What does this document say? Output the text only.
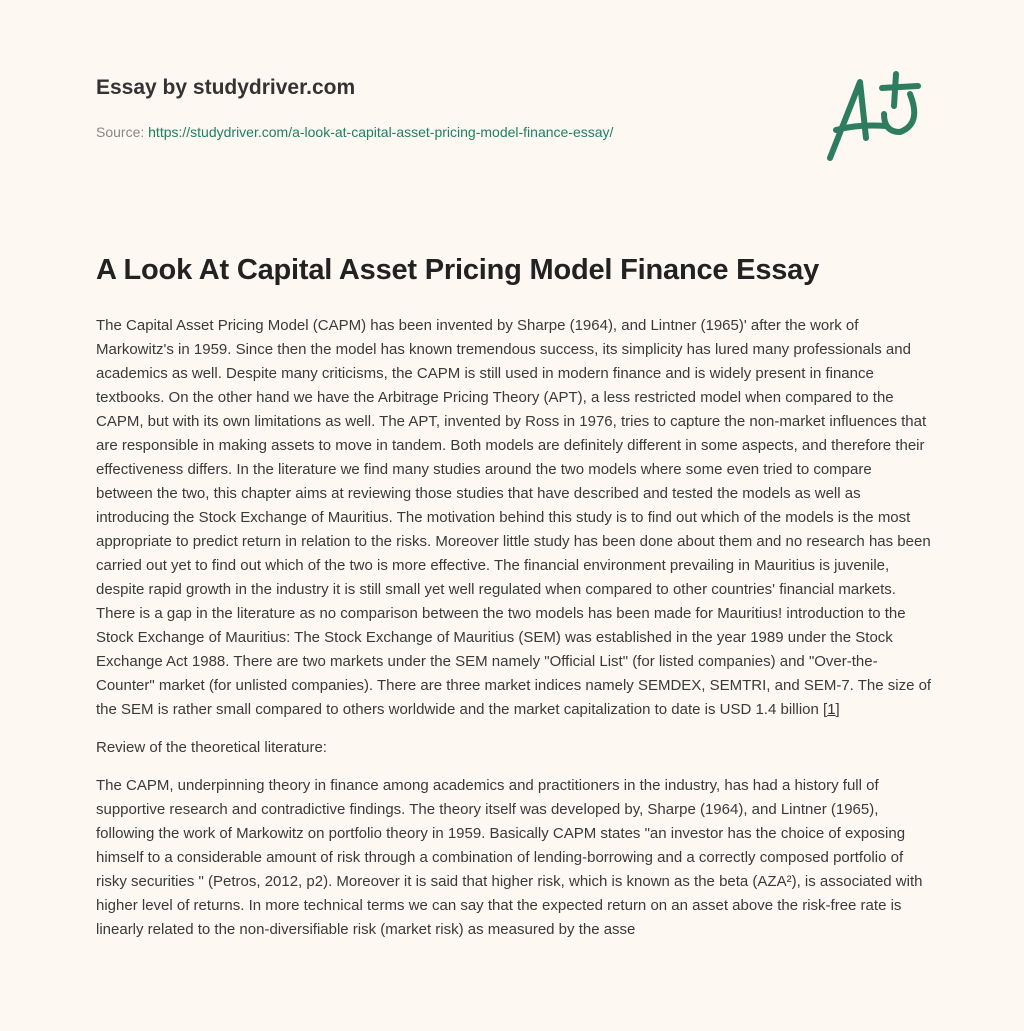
Essay by studydriver.com
Source: https://studydriver.com/a-look-at-capital-asset-pricing-model-finance-essay/
A Look At Capital Asset Pricing Model Finance Essay

The Capital Asset Pricing Model (CAPM) has been invented by Sharpe (1964), and Lintner (1965)' after the work of Markowitz's in 1959. Since then the model has known tremendous success, its simplicity has lured many professionals and academics as well. Despite many criticisms, the CAPM is still used in modern finance and is widely present in finance textbooks. On the other hand we have the Arbitrage Pricing Theory (APT), a less restricted model when compared to the CAPM, but with its own limitations as well. The APT, invented by Ross in 1976, tries to capture the non-market influences that are responsible in making assets to move in tandem. Both models are definitely different in some aspects, and therefore their effectiveness differs. In the literature we find many studies around the two models where some even tried to compare between the two, this chapter aims at reviewing those studies that have described and tested the models as well as introducing the Stock Exchange of Mauritius. The motivation behind this study is to find out which of the models is the most appropriate to predict return in relation to the risks. Moreover little study has been done about them and no research has been carried out yet to find out which of the two is more effective. The financial environment prevailing in Mauritius is juvenile, despite rapid growth in the industry it is still small yet well regulated when compared to other countries' financial markets. There is a gap in the literature as no comparison between the two models has been made for Mauritius! introduction to the Stock Exchange of Mauritius: The Stock Exchange of Mauritius (SEM) was established in the year 1989 under the Stock Exchange Act 1988. There are two markets under the SEM namely "Official List" (for listed companies) and "Over-the-Counter" market (for unlisted companies). There are three market indices namely SEMDEX, SEMTRI, and SEM-7. The size of the SEM is rather small compared to others worldwide and the market capitalization to date is USD 1.4 billion [1]

Review of the theoretical literature:

The CAPM, underpinning theory in finance among academics and practitioners in the industry, has had a history full of supportive research and contradictive findings. The theory itself was developed by, Sharpe (1964), and Lintner (1965), following the work of Markowitz on portfolio theory in 1959. Basically CAPM states "an investor has the choice of exposing himself to a considerable amount of risk through a combination of lending-borrowing and a correctly composed portfolio of risky securities " (Petros, 2012, p2). Moreover it is said that higher risk, which is known as the beta (AZA²), is associated with higher level of returns. In more technical terms we can say that the expected return on an asset above the risk-free rate is linearly related to the non-diversifiable risk (market risk) as measured by the asse
